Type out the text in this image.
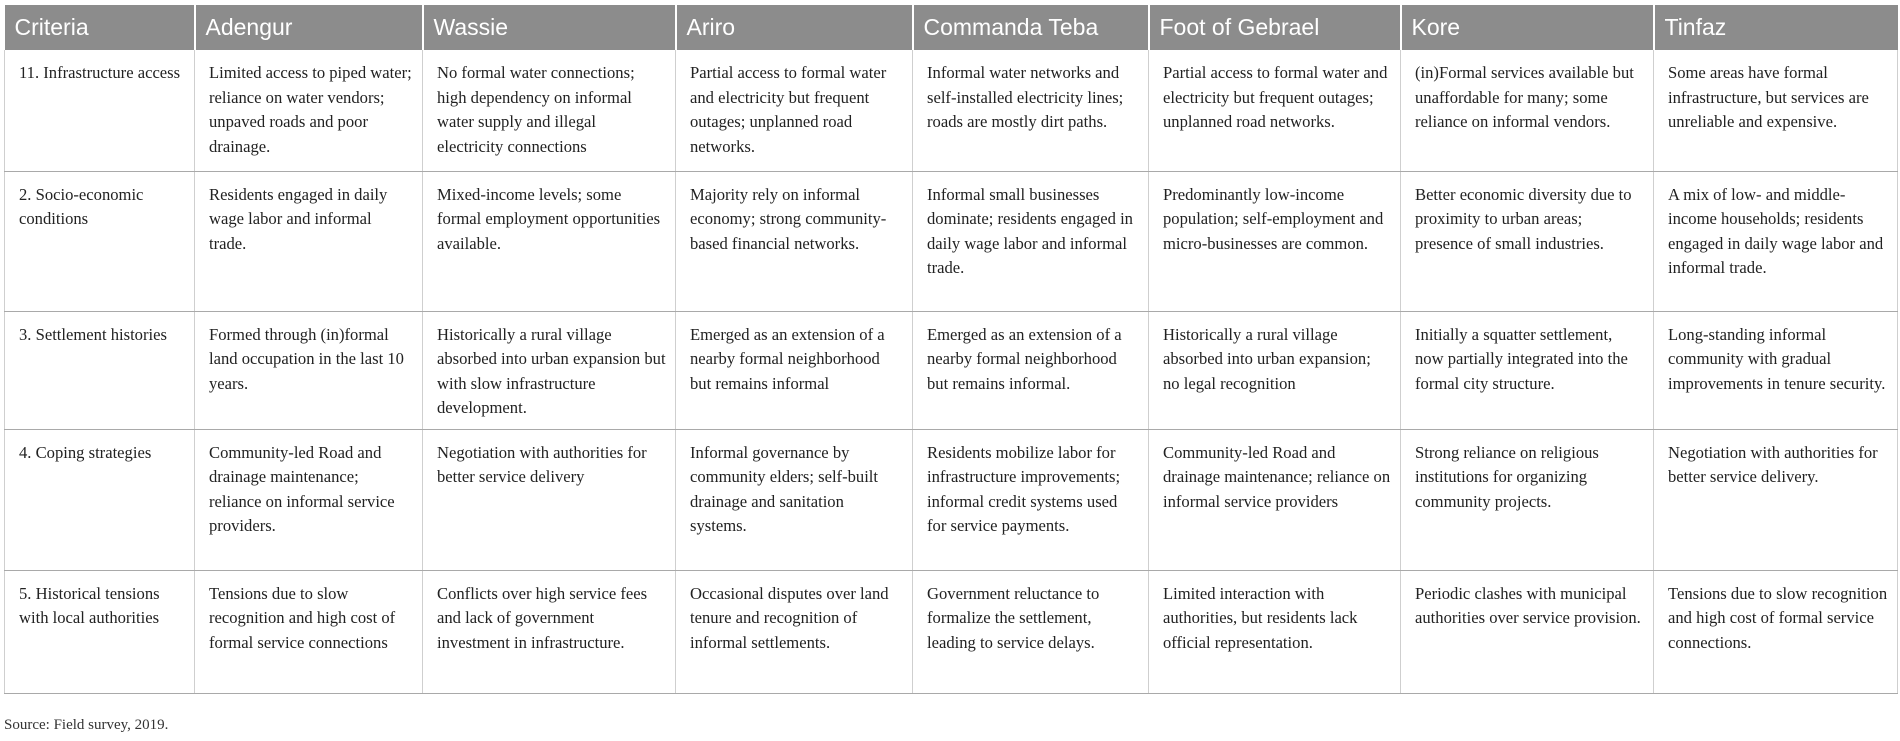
Criteria	Adengur	Wassie	Ariro	Commanda Teba	Foot of Gebrael	Kore	Tinfaz
11. Infrastructure access	Limited access to piped water; reliance on water vendors; unpaved roads and poor drainage.	No formal water connections; high dependency on informal water supply and illegal electricity connections	Partial access to formal water and electricity but frequent outages; unplanned road networks.	Informal water networks and self-installed electricity lines; roads are mostly dirt paths.	Partial access to formal water and electricity but frequent outages; unplanned road networks.	(in)Formal services available but unaffordable for many; some reliance on informal vendors.	Some areas have formal infrastructure, but services are unreliable and expensive.
2. Socio-economic conditions	Residents engaged in daily wage labor and informal trade.	Mixed-income levels; some formal employment opportunities available.	Majority rely on informal economy; strong community-based financial networks.	Informal small businesses dominate; residents engaged in daily wage labor and informal trade.	Predominantly low-income population; self-employment and micro-businesses are common.	Better economic diversity due to proximity to urban areas; presence of small industries.	A mix of low- and middle-income households; residents engaged in daily wage labor and informal trade.
3. Settlement histories	Formed through (in)formal land occupation in the last 10 years.	Historically a rural village absorbed into urban expansion but with slow infrastructure development.	Emerged as an extension of a nearby formal neighborhood but remains informal	Emerged as an extension of a nearby formal neighborhood but remains informal.	Historically a rural village absorbed into urban expansion; no legal recognition	Initially a squatter settlement, now partially integrated into the formal city structure.	Long-standing informal community with gradual improvements in tenure security.
4. Coping strategies	Community-led Road and drainage maintenance; reliance on informal service providers.	Negotiation with authorities for better service delivery	Informal governance by community elders; self-built drainage and sanitation systems.	Residents mobilize labor for infrastructure improvements; informal credit systems used for service payments.	Community-led Road and drainage maintenance; reliance on informal service providers	Strong reliance on religious institutions for organizing community projects.	Negotiation with authorities for better service delivery.
5. Historical tensions with local authorities	Tensions due to slow recognition and high cost of formal service connections	Conflicts over high service fees and lack of government investment in infrastructure.	Occasional disputes over land tenure and recognition of informal settlements.	Government reluctance to formalize the settlement, leading to service delays.	Limited interaction with authorities, but residents lack official representation.	Periodic clashes with municipal authorities over service provision.	Tensions due to slow recognition and high cost of formal service connections.
Source: Field survey, 2019.
